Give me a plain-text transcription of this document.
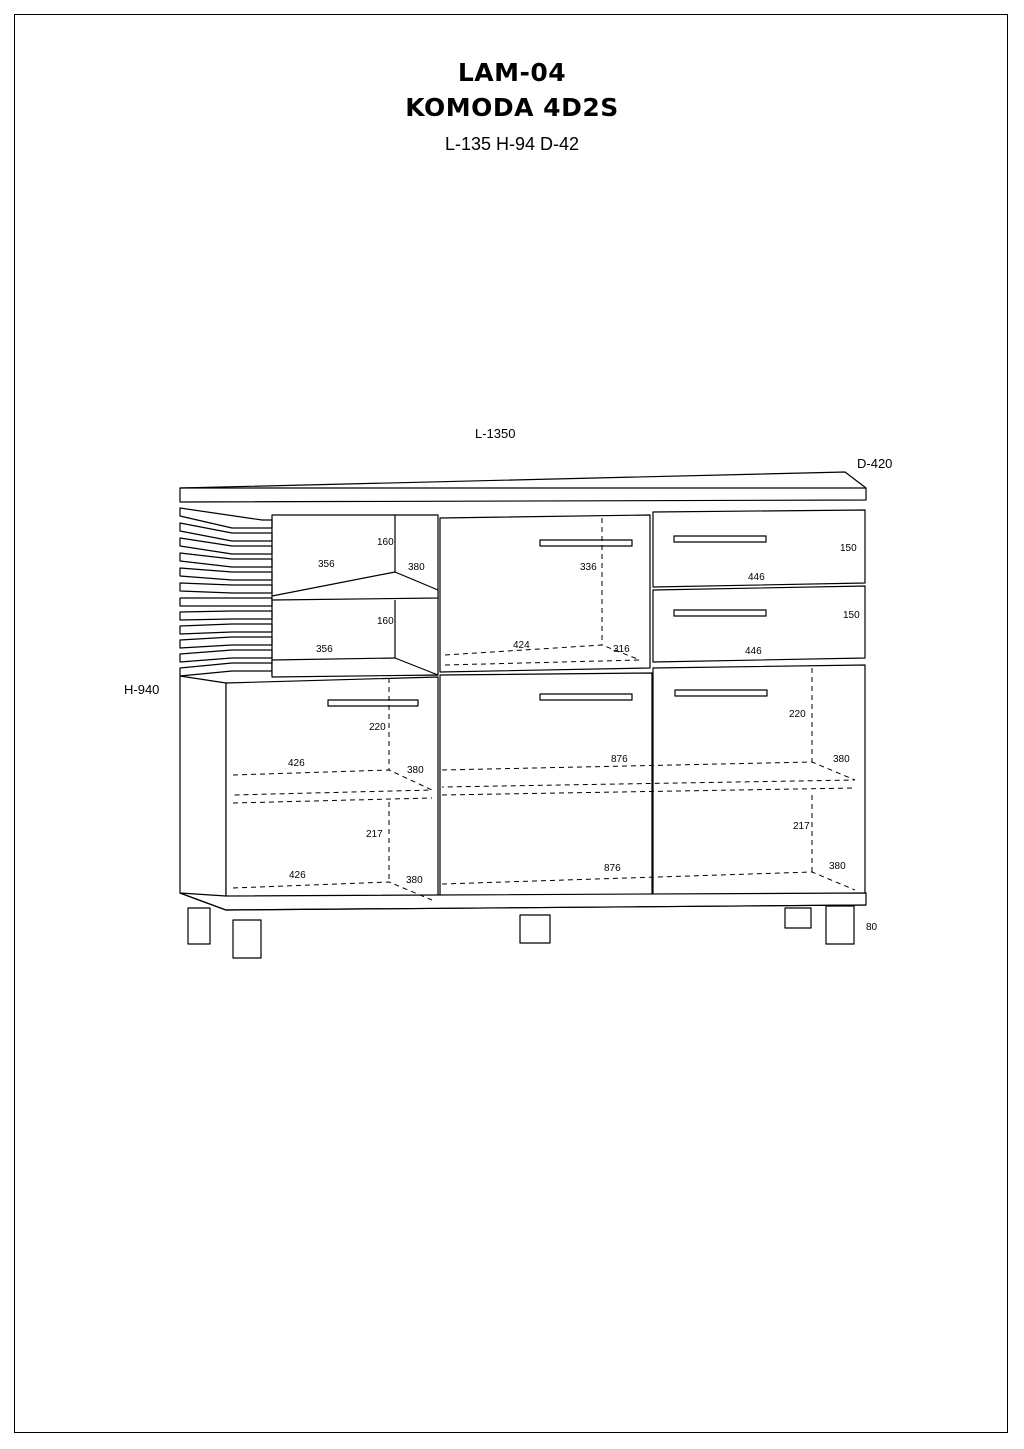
LAM-04
KOMODA 4D2S
L-135 H-94 D-42
L-1350
D-420
H-940
80
160
356	380
160
356
336
424	316
150
446
150
446
220
426
380
217
426	380
220
876	380
217
876	380
